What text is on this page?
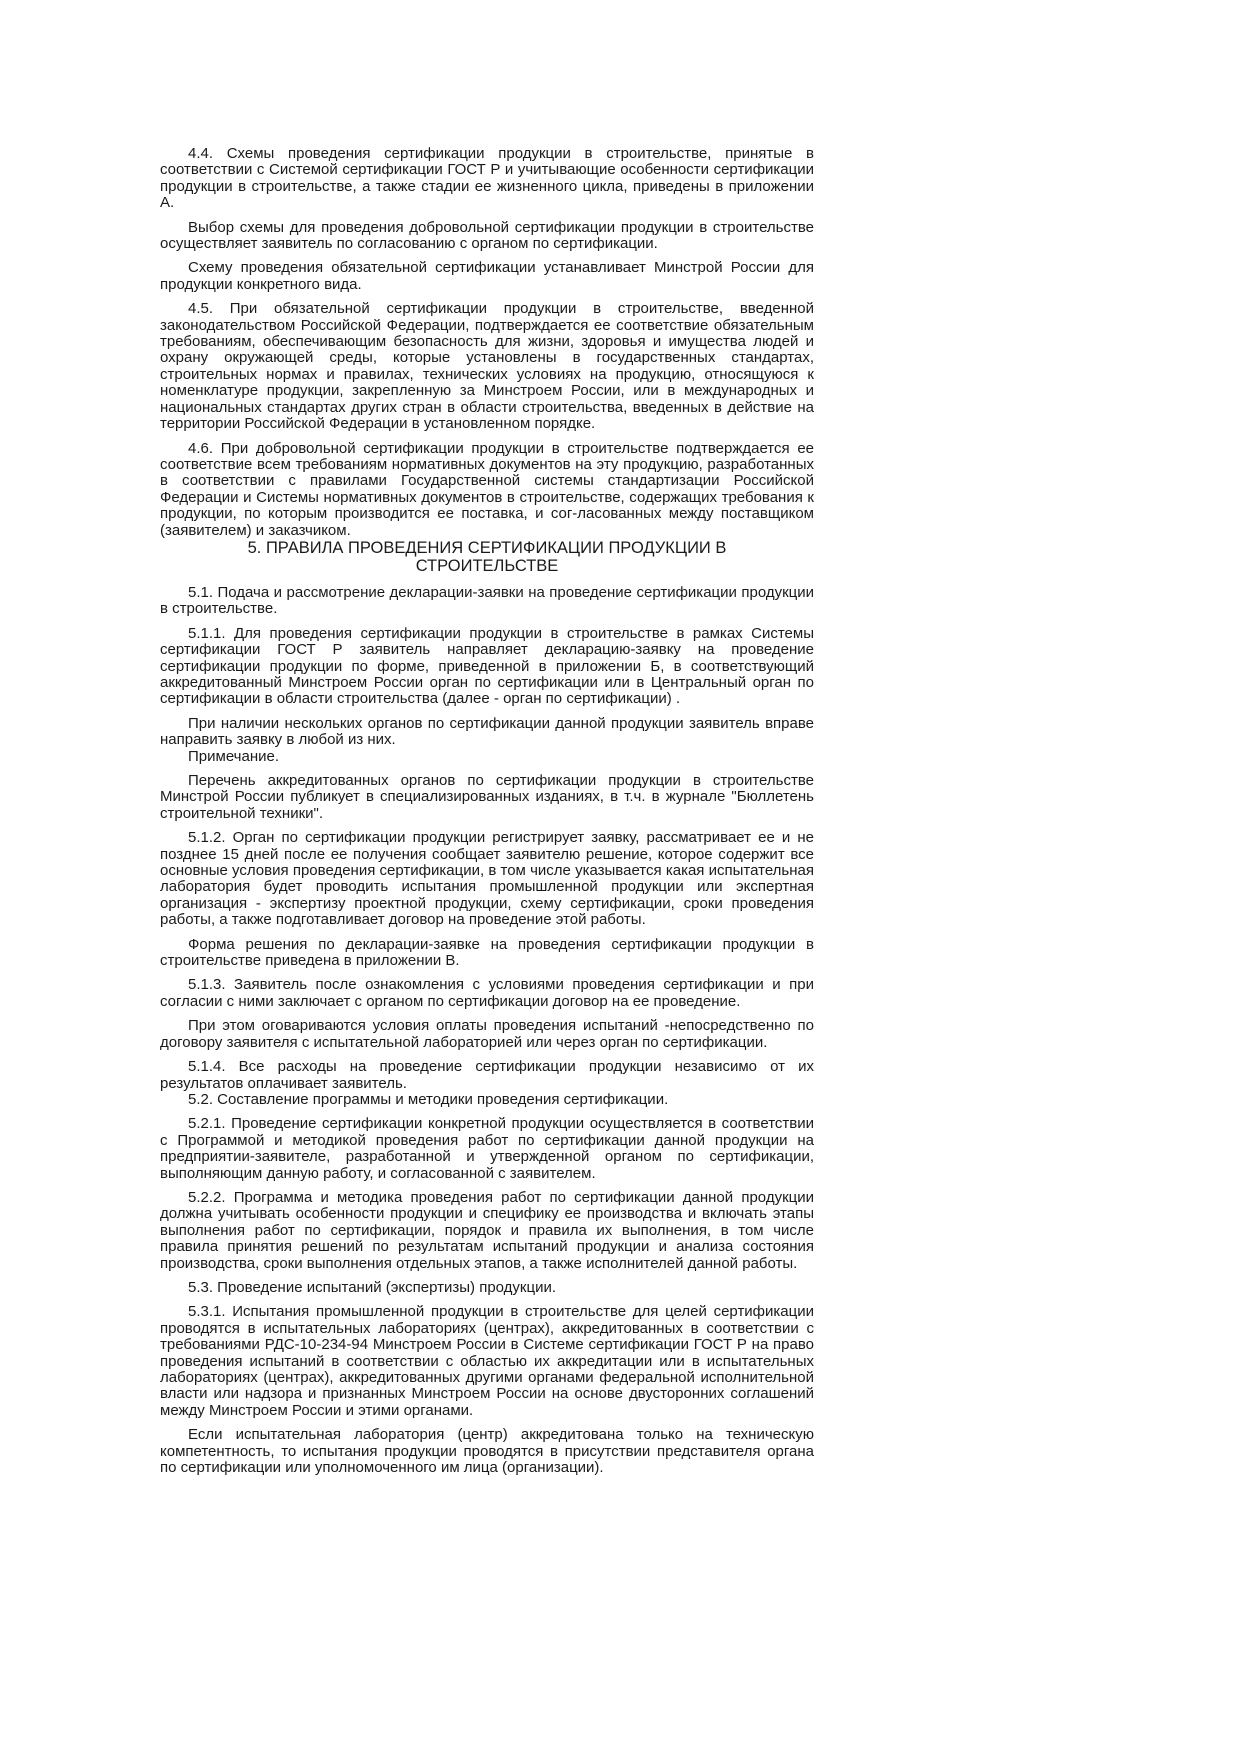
4.4. Схемы проведения сертификации продукции в строительстве, принятые в соответствии с Системой сертификации ГОСТ Р и учитывающие особенности сертификации продукции в строительстве, а также стадии ее жизненного цикла, приведены в приложении А.

Выбор схемы для проведения добровольной сертификации продукции в строительстве осуществляет заявитель по согласованию с органом по сертификации.

Схему проведения обязательной сертификации устанавливает Минстрой России для продукции конкретного вида.

4.5. При обязательной сертификации продукции в строительстве, введенной законодательством Российской Федерации, подтверждается ее соответствие обязательным требованиям, обеспечивающим безопасность для жизни, здоровья и имущества людей и охрану окружающей среды, которые установлены в государственных стандартах, строительных нормах и правилах, технических условиях на продукцию, относящуюся к номенклатуре продукции, закрепленную за Минстроем России, или в международных и национальных стандартах других стран в области строительства, введенных в действие на территории Российской Федерации в установленном порядке.

4.6. При добровольной сертификации продукции в строительстве подтверждается ее соответствие всем требованиям нормативных документов на эту продукцию, разработанных в соответствии с правилами Государственной системы стандартизации Российской Федерации и Системы нормативных документов в строительстве, содержащих требования к продукции, по которым производится ее поставка, и сог-ласованных между поставщиком (заявителем) и заказчиком.

5. ПРАВИЛА ПРОВЕДЕНИЯ СЕРТИФИКАЦИИ ПРОДУКЦИИ В СТРОИТЕЛЬСТВЕ

5.1. Подача и рассмотрение декларации-заявки на проведение сертификации продукции в строительстве.

5.1.1. Для проведения сертификации продукции в строительстве в рамках Системы сертификации ГОСТ Р заявитель направляет декларацию-заявку на проведение сертификации продукции по форме, приведенной в приложении Б, в соответствующий аккредитованный Минстроем России орган по сертификации или в Центральный орган по сертификации в области строительства (далее - орган по сертификации) .

При наличии нескольких органов по сертификации данной продукции заявитель вправе направить заявку в любой из них.

Примечание.

Перечень аккредитованных органов по сертификации продукции в строительстве Минстрой России публикует в специализированных изданиях, в т.ч. в журнале "Бюллетень строительной техники".

5.1.2. Орган по сертификации продукции регистрирует заявку, рассматривает ее и не позднее 15 дней после ее получения сообщает заявителю решение, которое содержит все основные условия проведения сертификации, в том числе указывается какая испытательная лаборатория будет проводить испытания промышленной продукции или экспертная организация - экспертизу проектной продукции, схему сертификации, сроки проведения работы, а также подготавливает договор на проведение этой работы.

Форма решения по декларации-заявке на проведения сертификации продукции в строительстве приведена в приложении В.

5.1.3. Заявитель после ознакомления с условиями проведения сертификации и при согласии с ними заключает с органом по сертификации договор на ее проведение.

При этом оговариваются условия оплаты проведения испытаний -непосредственно по договору заявителя с испытательной лабораторией или через орган по сертификации.

5.1.4. Все расходы на проведение сертификации продукции независимо от их результатов оплачивает заявитель.

5.2. Составление программы и методики проведения сертификации.

5.2.1. Проведение сертификации конкретной продукции осуществляется в соответствии с Программой и методикой проведения работ по сертификации данной продукции на предприятии-заявителе, разработанной и утвержденной органом по сертификации, выполняющим данную работу, и согласованной с заявителем.

5.2.2. Программа и методика проведения работ по сертификации данной продукции должна учитывать особенности продукции и специфику ее производства и включать этапы выполнения работ по сертификации, порядок и правила их выполнения, в том числе правила принятия решений по результатам испытаний продукции и анализа состояния производства, сроки выполнения отдельных этапов, а также исполнителей данной работы.

5.3. Проведение испытаний (экспертизы) продукции.

5.3.1. Испытания промышленной продукции в строительстве для целей сертификации проводятся в испытательных лабораториях (центрах), аккредитованных в соответствии с требованиями РДС-10-234-94 Минстроем России в Системе сертификации ГОСТ Р на право проведения испытаний в соответствии с областью их аккредитации или в испытательных лабораториях (центрах), аккредитованных другими органами федеральной исполнительной власти или надзора и признанных Минстроем России на основе двусторонних соглашений между Минстроем России и этими органами.

Если испытательная лаборатория (центр) аккредитована только на техническую компетентность, то испытания продукции проводятся в присутствии представителя органа по сертификации или уполномоченного им лица (организации).
